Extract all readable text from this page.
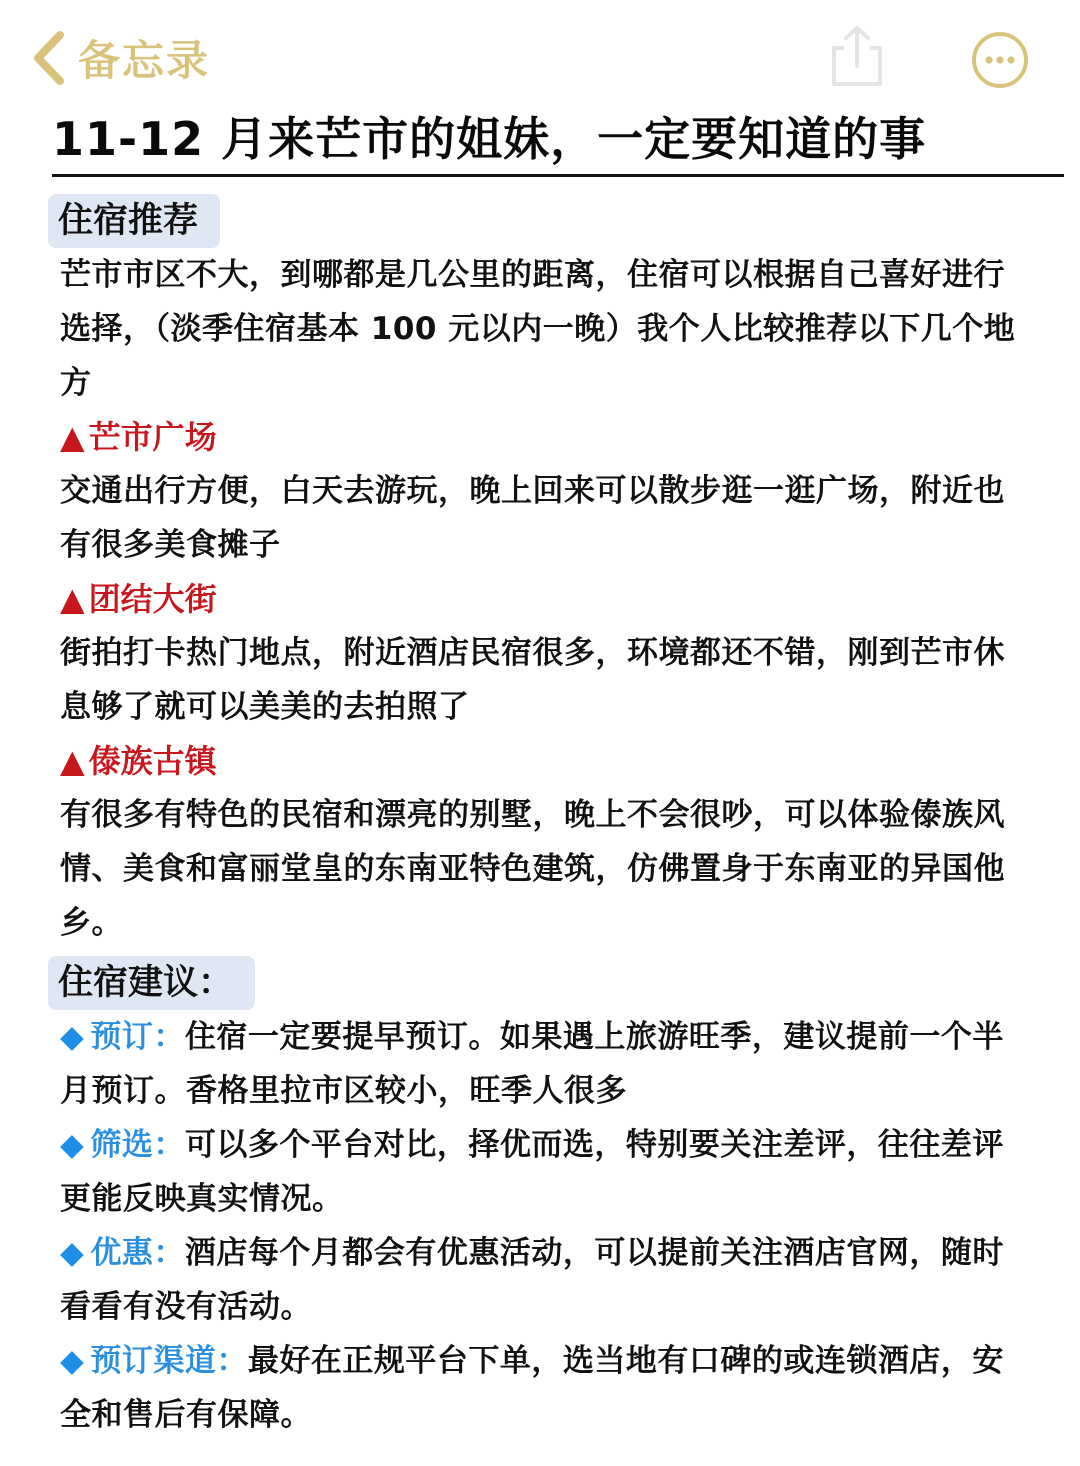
备忘录
11-12 月来芒市的姐妹，一定要知道的事
住宿推荐

芒市市区不大，到哪都是几公里的距离，住宿可以根据自己喜好进行选择，（淡季住宿基本 100 元以内一晚）我个人比较推荐以下几个地方

▲ 芒市广场

交通出行方便，白天去游玩，晚上回来可以散步逛一逛广场，附近也有很多美食摊子

▲ 团结大街

街拍打卡热门地点，附近酒店民宿很多，环境都还不错，刚到芒市休息够了就可以美美的去拍照了

▲ 傣族古镇

有很多有特色的民宿和漂亮的别墅，晚上不会很吵，可以体验傣族风情、美食和富丽堂皇的东南亚特色建筑，仿佛置身于东南亚的异国他乡。

住宿建议：

◆ 预订：住宿一定要提早预订。如果遇上旅游旺季，建议提前一个半月预订。香格里拉市区较小，旺季人很多

◆ 筛选：可以多个平台对比，择优而选，特别要关注差评，往往差评更能反映真实情况。

◆ 优惠：酒店每个月都会有优惠活动，可以提前关注酒店官网，随时看看有没有活动。

◆ 预订渠道：最好在正规平台下单，选当地有口碑的或连锁酒店，安全和售后有保障。
